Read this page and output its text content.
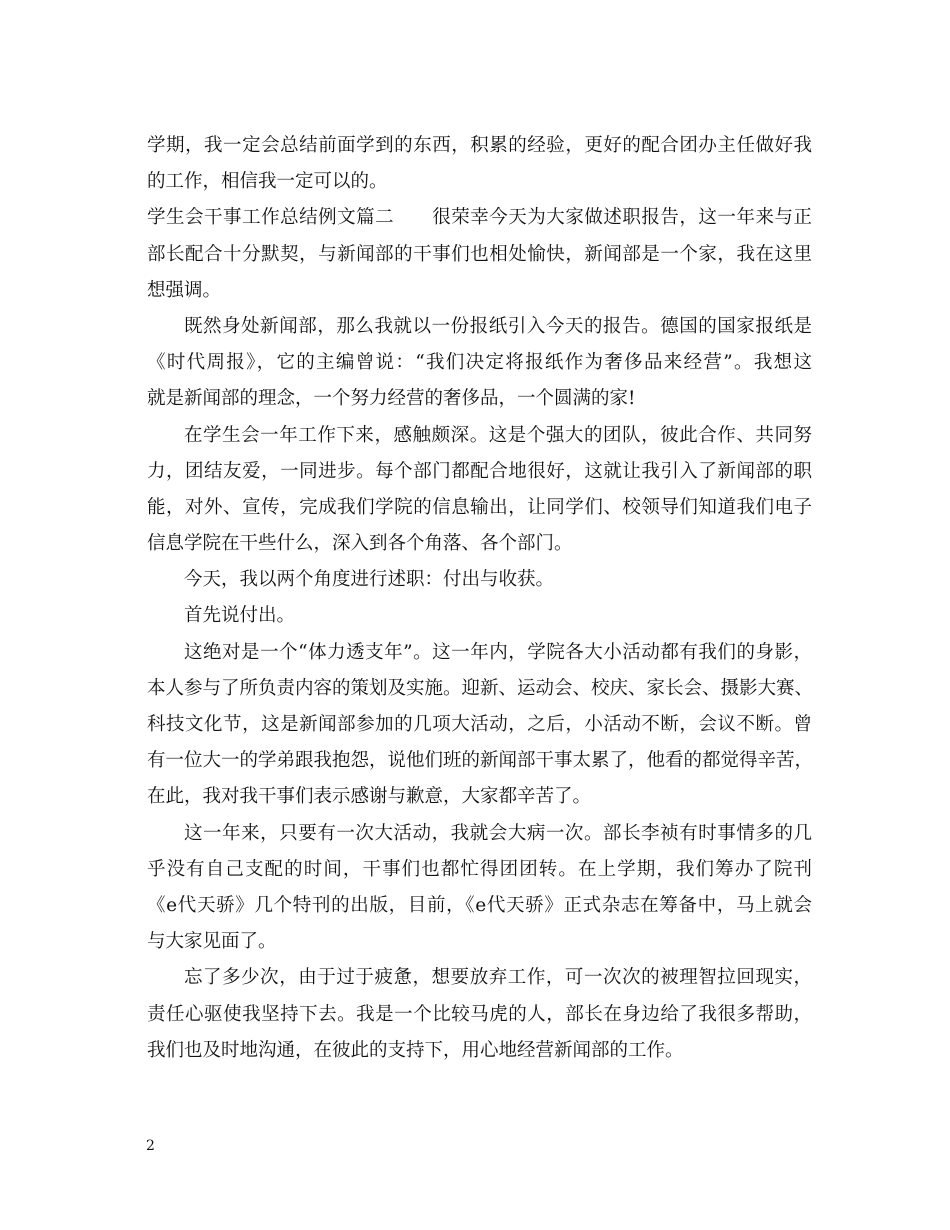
学期，我一定会总结前面学到的东西，积累的经验，更好的配合团办主任做好我
的工作，相信我一定可以的。
学生会干事工作总结例文篇二　　很荣幸今天为大家做述职报告，这一年来与正
部长配合十分默契，与新闻部的干事们也相处愉快，新闻部是一个家，我在这里
想强调。
既然身处新闻部，那么我就以一份报纸引入今天的报告。德国的国家报纸是
《时代周报》，它的主编曾说：“我们决定将报纸作为奢侈品来经营”。我想这
就是新闻部的理念，一个努力经营的奢侈品，一个圆满的家!
在学生会一年工作下来，感触颇深。这是个强大的团队，彼此合作、共同努
力，团结友爱，一同进步。每个部门都配合地很好，这就让我引入了新闻部的职
能，对外、宣传，完成我们学院的信息输出，让同学们、校领导们知道我们电子
信息学院在干些什么，深入到各个角落、各个部门。
今天，我以两个角度进行述职：付出与收获。
首先说付出。
这绝对是一个“体力透支年”。这一年内，学院各大小活动都有我们的身影，
本人参与了所负责内容的策划及实施。迎新、运动会、校庆、家长会、摄影大赛、
科技文化节，这是新闻部参加的几项大活动，之后，小活动不断，会议不断。曾
有一位大一的学弟跟我抱怨，说他们班的新闻部干事太累了，他看的都觉得辛苦，
在此，我对我干事们表示感谢与歉意，大家都辛苦了。
这一年来，只要有一次大活动，我就会大病一次。部长李祯有时事情多的几
乎没有自己支配的时间，干事们也都忙得团团转。在上学期，我们筹办了院刊
《e代天骄》几个特刊的出版，目前，《e代天骄》正式杂志在筹备中，马上就会
与大家见面了。
忘了多少次，由于过于疲惫，想要放弃工作，可一次次的被理智拉回现实，
责任心驱使我坚持下去。我是一个比较马虎的人，部长在身边给了我很多帮助，
我们也及时地沟通，在彼此的支持下，用心地经营新闻部的工作。
2
